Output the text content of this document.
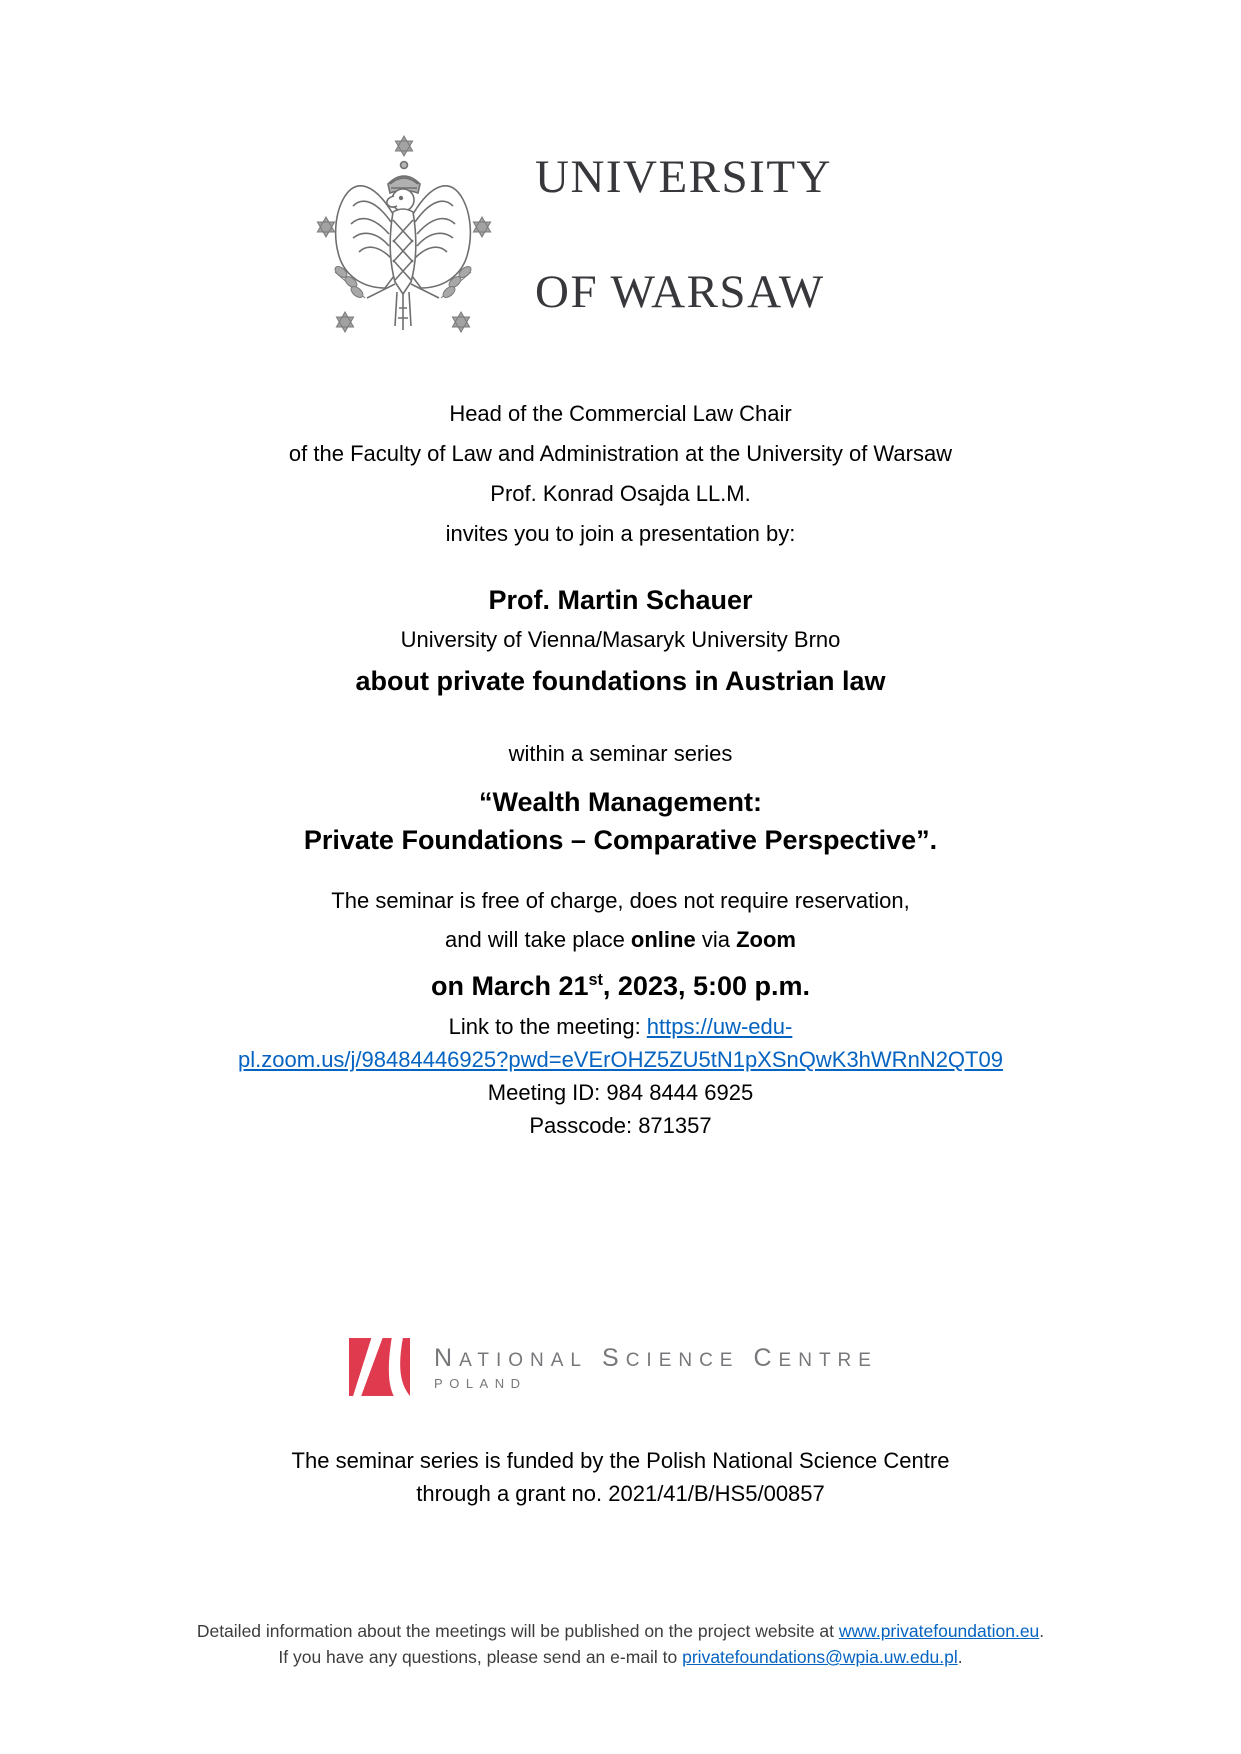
UNIVERSITY

OF WARSAW

Head of the Commercial Law Chair

of the Faculty of Law and Administration at the University of Warsaw

Prof. Konrad Osajda LL.M.

invites you to join a presentation by:

Prof. Martin Schauer

University of Vienna/Masaryk University Brno

about private foundations in Austrian law

within a seminar series

“Wealth Management:
Private Foundations – Comparative Perspective”.

The seminar is free of charge, does not require reservation,

and will take place online via Zoom

on March 21st, 2023, 5:00 p.m.

Link to the meeting: https://uw-edu-
pl.zoom.us/j/98484446925?pwd=eVErOHZ5ZU5tN1pXSnQwK3hWRnN2QT09

Meeting ID: 984 8444 6925

Passcode: 871357

NATIONAL SCIENCE CENTRE
POLAND

The seminar series is funded by the Polish National Science Centre

through a grant no. 2021/41/B/HS5/00857

Detailed information about the meetings will be published on the project website at www.privatefoundation.eu.

If you have any questions, please send an e-mail to privatefoundations@wpia.uw.edu.pl.
